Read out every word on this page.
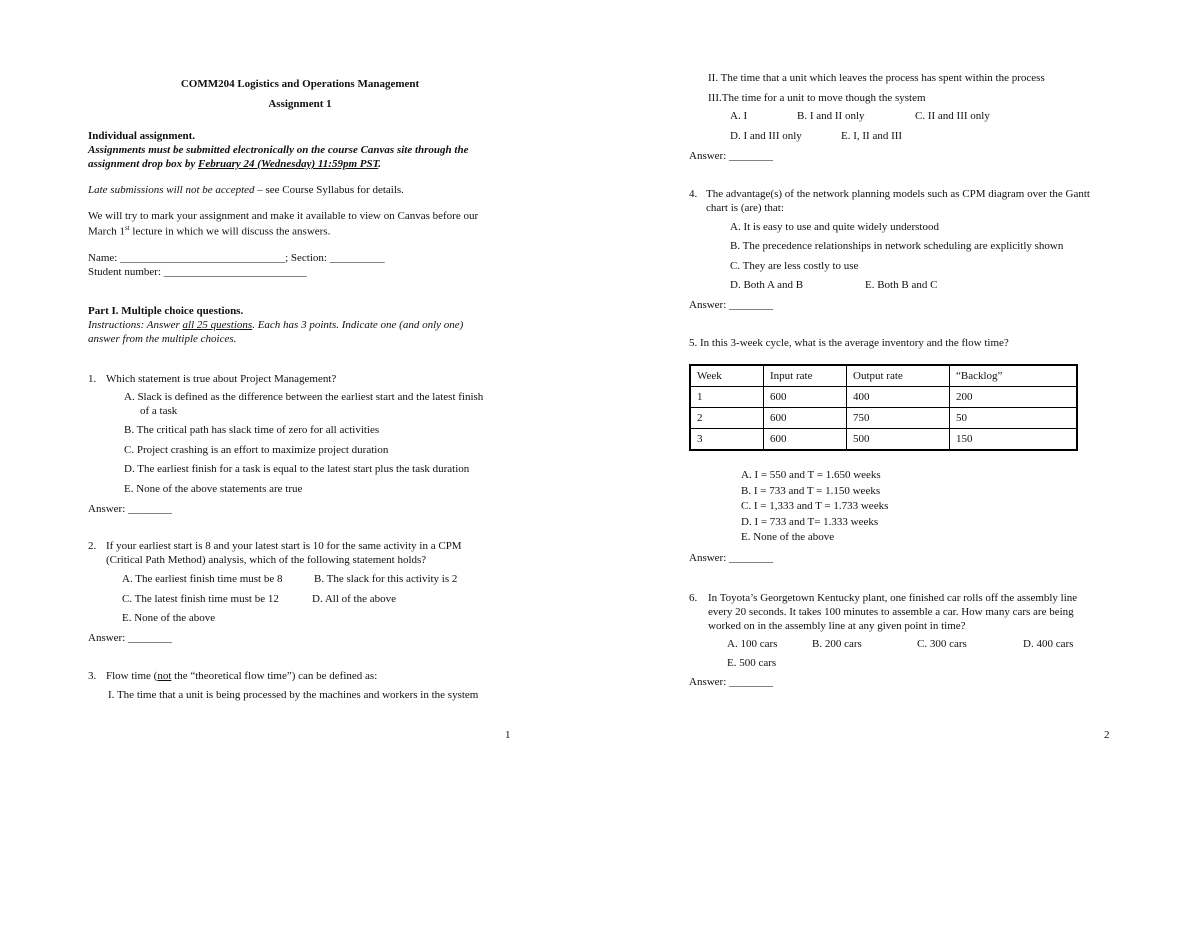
COMM204 Logistics and Operations Management
Assignment 1
Individual assignment.
Assignments must be submitted electronically on the course Canvas site through the
assignment drop box by February 24 (Wednesday) 11:59pm PST.
Late submissions will not be accepted – see Course Syllabus for details.
We will try to mark your assignment and make it available to view on Canvas before our
March 1st lecture in which we will discuss the answers.
Name: ______________________________; Section: __________
Student number: __________________________
Part I. Multiple choice questions.
Instructions: Answer all 25 questions. Each has 3 points. Indicate one (and only one)
answer from the multiple choices.
1. Which statement is true about Project Management?
A. Slack is defined as the difference between the earliest start and the latest finish
of a task
B. The critical path has slack time of zero for all activities
C. Project crashing is an effort to maximize project duration
D. The earliest finish for a task is equal to the latest start plus the task duration
E. None of the above statements are true
Answer: ________
2. If your earliest start is 8 and your latest start is 10 for the same activity in a CPM
(Critical Path Method) analysis, which of the following statement holds?
A. The earliest finish time must be 8	B. The slack for this activity is 2
C. The latest finish time must be 12	D. All of the above
E. None of the above
Answer: ________
3. Flow time (not the “theoretical flow time”) can be defined as:
I. The time that a unit is being processed by the machines and workers in the system
1
II. The time that a unit which leaves the process has spent within the process
III.The time for a unit to move though the system
A. I	B. I and II only	C. II and III only
D. I and III only	E. I, II and III
Answer: ________
4. The advantage(s) of the network planning models such as CPM diagram over the Gantt
chart is (are) that:
A. It is easy to use and quite widely understood
B. The precedence relationships in network scheduling are explicitly shown
C. They are less costly to use
D. Both A and B	E. Both B and C
Answer: ________
5. In this 3-week cycle, what is the average inventory and the flow time?
Week	Input rate	Output rate	“Backlog”
1	600	400	200
2	600	750	50
3	600	500	150
A. I = 550 and T = 1.650 weeks
B. I = 733 and T = 1.150 weeks
C. I = 1,333 and T = 1.733 weeks
D. I = 733 and T= 1.333 weeks
E. None of the above
Answer: ________
6. In Toyota’s Georgetown Kentucky plant, one finished car rolls off the assembly line
every 20 seconds. It takes 100 minutes to assemble a car. How many cars are being
worked on in the assembly line at any given point in time?
A. 100 cars	B. 200 cars	C. 300 cars	D. 400 cars
E. 500 cars
Answer: ________
2
